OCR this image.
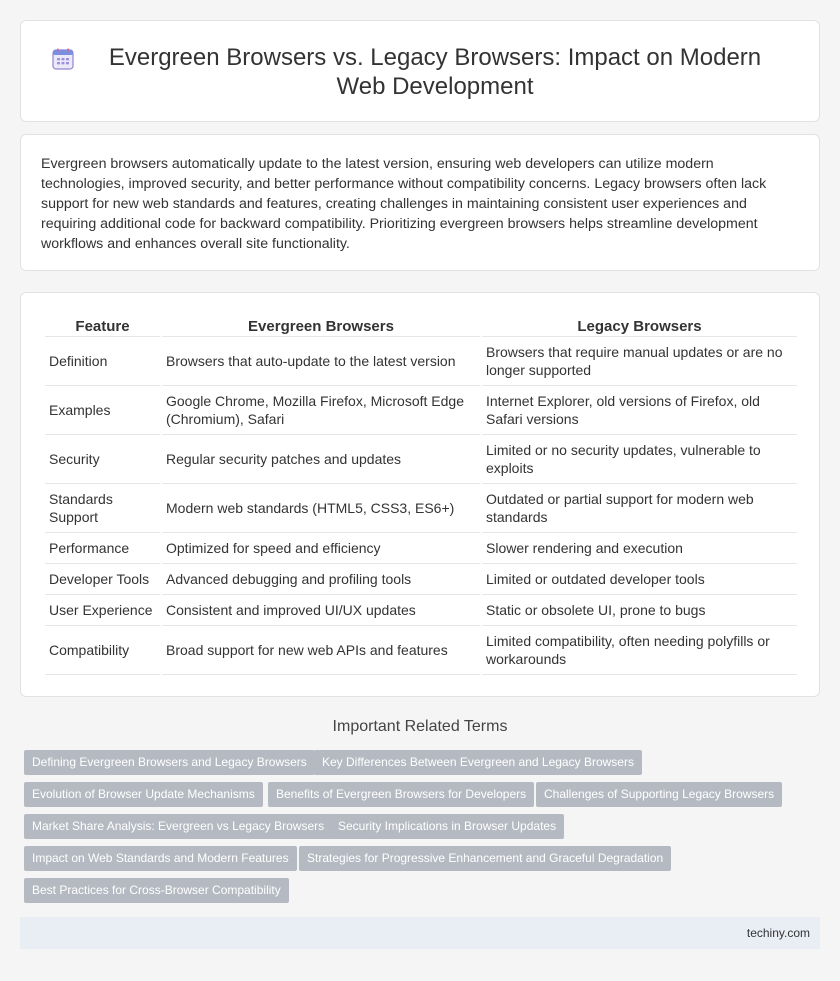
Evergreen Browsers vs. Legacy Browsers: Impact on Modern Web Development

Evergreen browsers automatically update to the latest version, ensuring web developers can utilize modern technologies, improved security, and better performance without compatibility concerns. Legacy browsers often lack support for new web standards and features, creating challenges in maintaining consistent user experiences and requiring additional code for backward compatibility. Prioritizing evergreen browsers helps streamline development workflows and enhances overall site functionality.

Feature	Evergreen Browsers	Legacy Browsers
Definition	Browsers that auto-update to the latest version	Browsers that require manual updates or are no longer supported
Examples	Google Chrome, Mozilla Firefox, Microsoft Edge (Chromium), Safari	Internet Explorer, old versions of Firefox, old Safari versions
Security	Regular security patches and updates	Limited or no security updates, vulnerable to exploits
Standards Support	Modern web standards (HTML5, CSS3, ES6+)	Outdated or partial support for modern web standards
Performance	Optimized for speed and efficiency	Slower rendering and execution
Developer Tools	Advanced debugging and profiling tools	Limited or outdated developer tools
User Experience	Consistent and improved UI/UX updates	Static or obsolete UI, prone to bugs
Compatibility	Broad support for new web APIs and features	Limited compatibility, often needing polyfills or workarounds
Important Related Terms
Defining Evergreen Browsers and Legacy Browsers	Key Differences Between Evergreen and Legacy Browsers
Evolution of Browser Update Mechanisms	Benefits of Evergreen Browsers for Developers	Challenges of Supporting Legacy Browsers
Market Share Analysis: Evergreen vs Legacy Browsers	Security Implications in Browser Updates
Impact on Web Standards and Modern Features	Strategies for Progressive Enhancement and Graceful Degradation
Best Practices for Cross-Browser Compatibility
techiny.com
